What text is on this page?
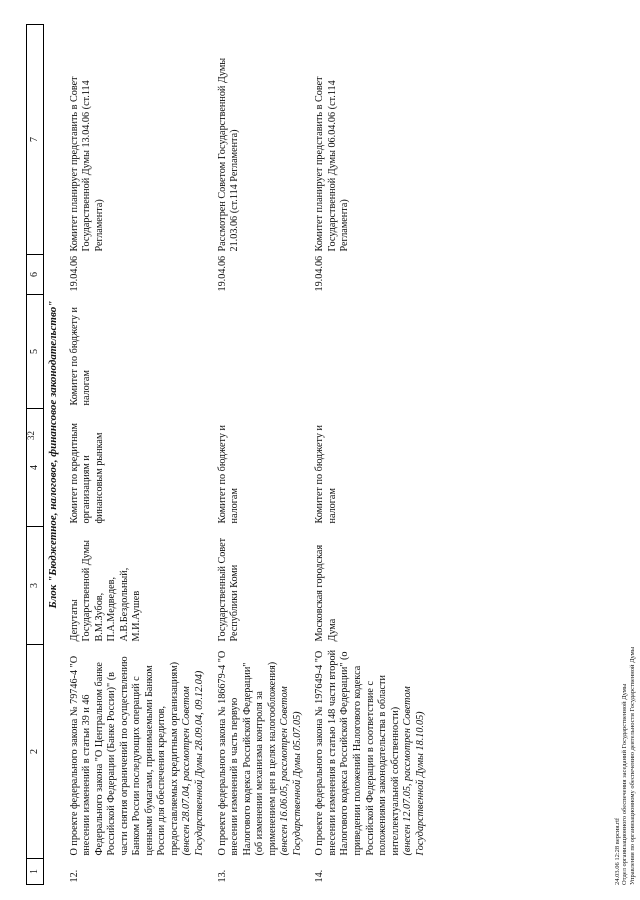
32
1	2	3	4	5	6	7
Блок "Бюджетное, налоговое, финансовое законодательство"						
12.	О проекте федерального закона № 79746-4 "О внесении изменений в статьи 39 и 46 Федерального закона "О Центральном банке Российской Федерации (Банке России)" (в части снятия ограничений по осуществлению Банком России последующих операций с ценными бумагами, принимаемыми Банком России для обеспечения кредитов, предоставляемых кредитным организациям) (внесен 28.07.04, рассмотрен Советом Государственной Думы 28.09.04, 09.12.04)	Депутаты Государственной Думы В.М.Зубов, П.А.Медведев, А.В.Бездольный, М.И.Аушев	Комитет по кредитным организациям и финансовым рынкам	Комитет по бюджету и налогам	19.04.06	Комитет планирует представить в Совет Государственной Думы 13.04.06 (ст.114 Регламента)
13.	О проекте федерального закона № 186679-4 "О внесении изменений в часть первую Налогового кодекса Российской Федерации" (об изменении механизма контроля за применением цен в целях налогообложения) (внесен 16.06.05, рассмотрен Советом Государственной Думы 05.07.05)	Государственный Совет Республики Коми	Комитет по бюджету и налогам		19.04.06	Рассмотрен Советом Государственной Думы 21.03.06 (ст.114 Регламента)
14.	О проекте федерального закона № 197649-4 "О внесении изменения в статью 148 части второй Налогового кодекса Российской Федерации" (о приведении положений Налогового кодекса Российской Федерации в соответствие с положениями законодательства в области интеллектуальной собственности) (внесен 12.07.05, рассмотрен Советом Государственной Думы 18.10.05)	Московская городская Дума	Комитет по бюджету и налогам		19.04.06	Комитет планирует представить в Совет Государственной Думы 06.04.06 (ст.114 Регламента)
24.03.06 12:28 версия.rtf Отдел организационного обеспечения заседаний Государственной Думы Управления по организационному обеспечению деятельности Государственной Думы
